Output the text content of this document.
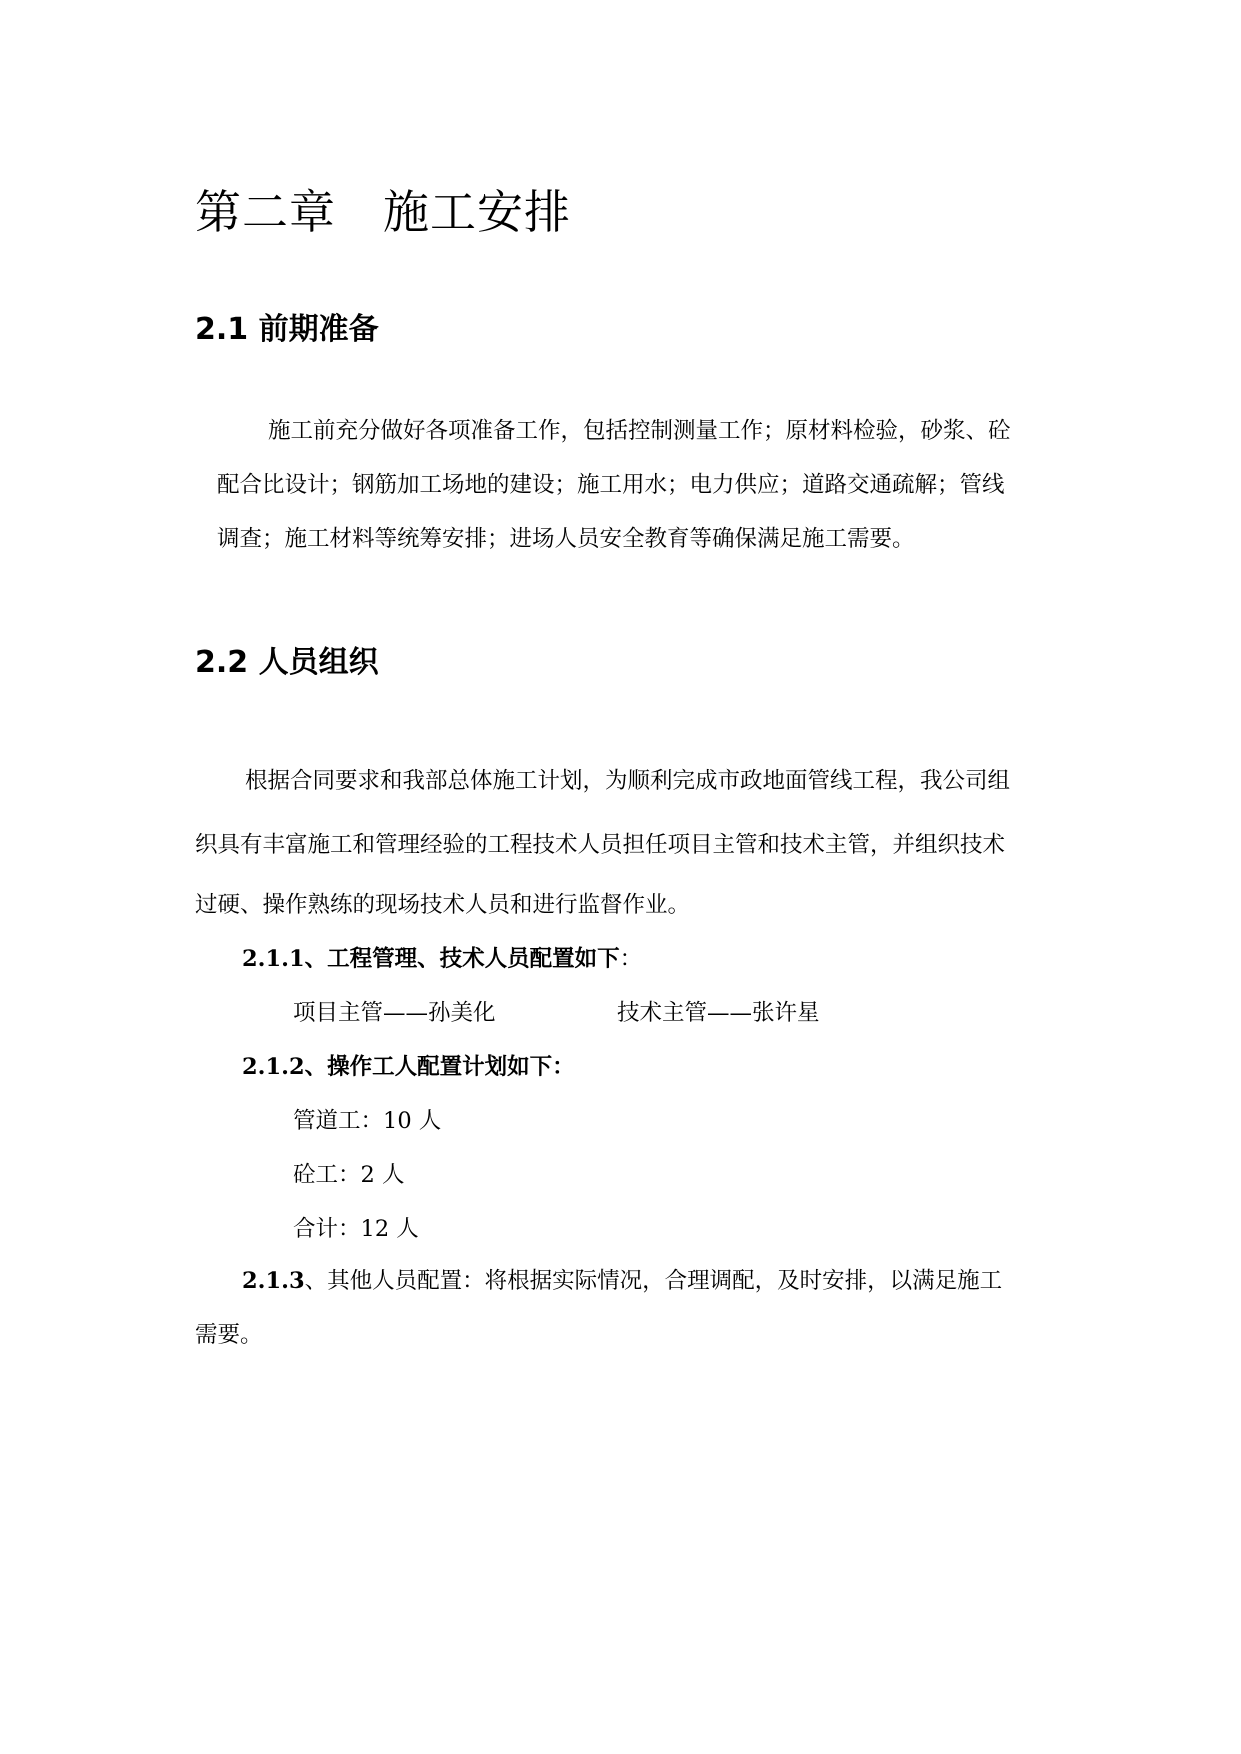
第二章　施工安排
2.1 前期准备
施工前充分做好各项准备工作，包括控制测量工作；原材料检验，砂浆、砼
配合比设计；钢筋加工场地的建设；施工用水；电力供应；道路交通疏解；管线
调查；施工材料等统筹安排；进场人员安全教育等确保满足施工需要。
2.2 人员组织
根据合同要求和我部总体施工计划，为顺利完成市政地面管线工程，我公司组
织具有丰富施工和管理经验的工程技术人员担任项目主管和技术主管，并组织技术
过硬、操作熟练的现场技术人员和进行监督作业。
2.1.1、工程管理、技术人员配置如下：
项目主管——孙美化	技术主管——张许星
2.1.2、操作工人配置计划如下：
管道工：10 人
砼工：2 人
合计：12 人
2.1.3、其他人员配置：将根据实际情况，合理调配，及时安排，以满足施工
需要。
